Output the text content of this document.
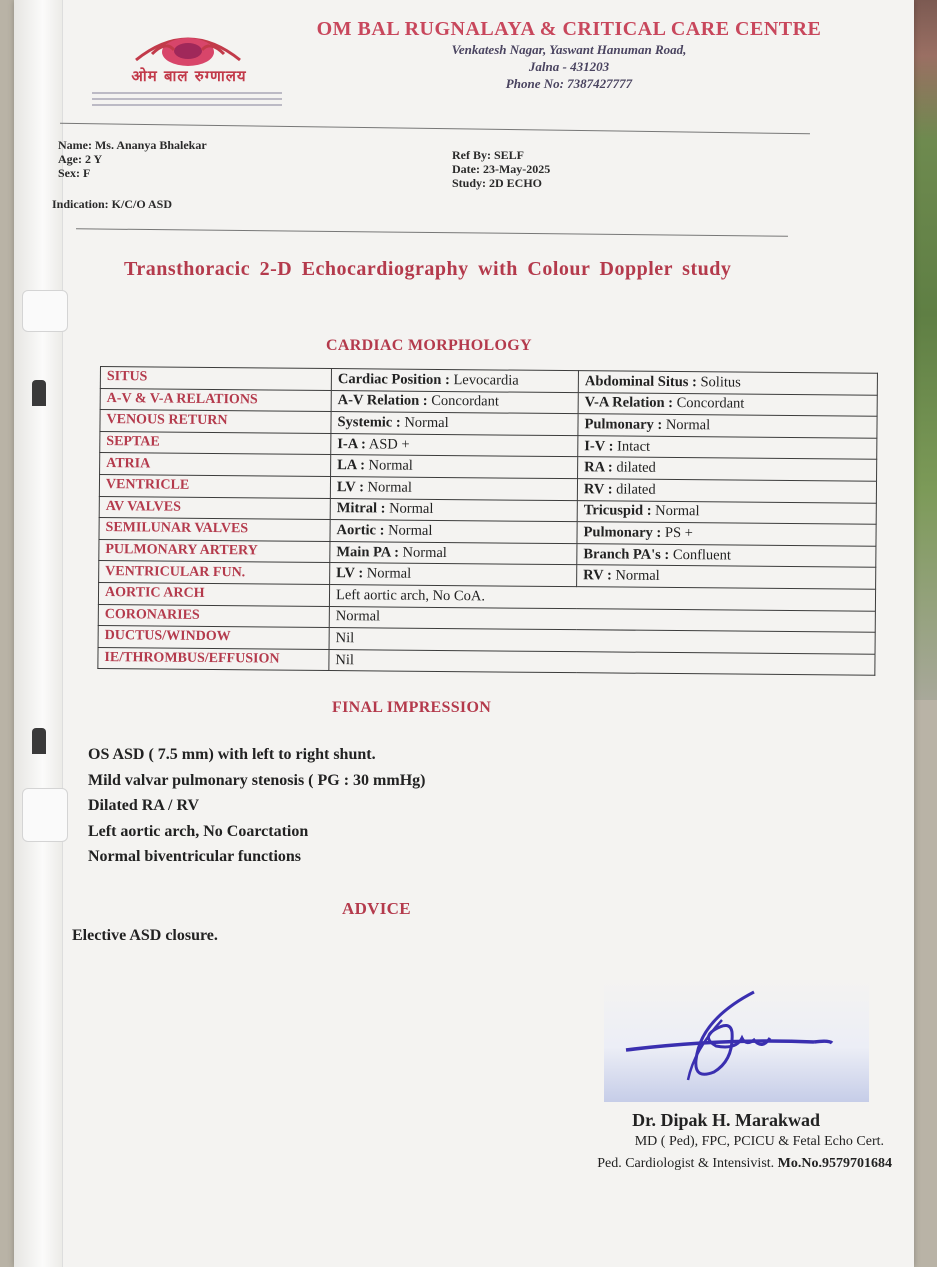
ओम बाल रुग्णालय
OM BAL RUGNALAYA & CRITICAL CARE CENTRE
Venkatesh Nagar, Yaswant Hanuman Road,
Jalna - 431203
Phone No: 7387427777
Name: Ms. Ananya Bhalekar
Age: 2 Y
Sex: F
Indication: K/C/O ASD
Ref By: SELF
Date: 23-May-2025
Study: 2D ECHO
Transthoracic 2-D Echocardiography with Colour Doppler study
CARDIAC MORPHOLOGY
SITUS	Cardiac Position : Levocardia	Abdominal Situs : Solitus
A-V & V-A RELATIONS	A-V Relation : Concordant	V-A Relation : Concordant
VENOUS RETURN	Systemic : Normal	Pulmonary : Normal
SEPTAE	I-A : ASD +	I-V : Intact
ATRIA	LA : Normal	RA : dilated
VENTRICLE	LV : Normal	RV : dilated
AV VALVES	Mitral : Normal	Tricuspid : Normal
SEMILUNAR VALVES	Aortic : Normal	Pulmonary : PS +
PULMONARY ARTERY	Main PA : Normal	Branch PA's : Confluent
VENTRICULAR FUN.	LV : Normal	RV : Normal
AORTIC ARCH	Left aortic arch, No CoA.	
CORONARIES	Normal	
DUCTUS/WINDOW	Nil	
IE/THROMBUS/EFFUSION	Nil	
FINAL IMPRESSION
OS ASD ( 7.5 mm) with left to right shunt.
Mild valvar pulmonary stenosis ( PG : 30 mmHg)
Dilated RA / RV
Left aortic arch, No Coarctation
Normal biventricular functions
ADVICE
Elective ASD closure.
Dr. Dipak H. Marakwad
MD ( Ped), FPC, PCICU & Fetal Echo Cert.
Ped. Cardiologist & Intensivist. Mo.No.9579701684
